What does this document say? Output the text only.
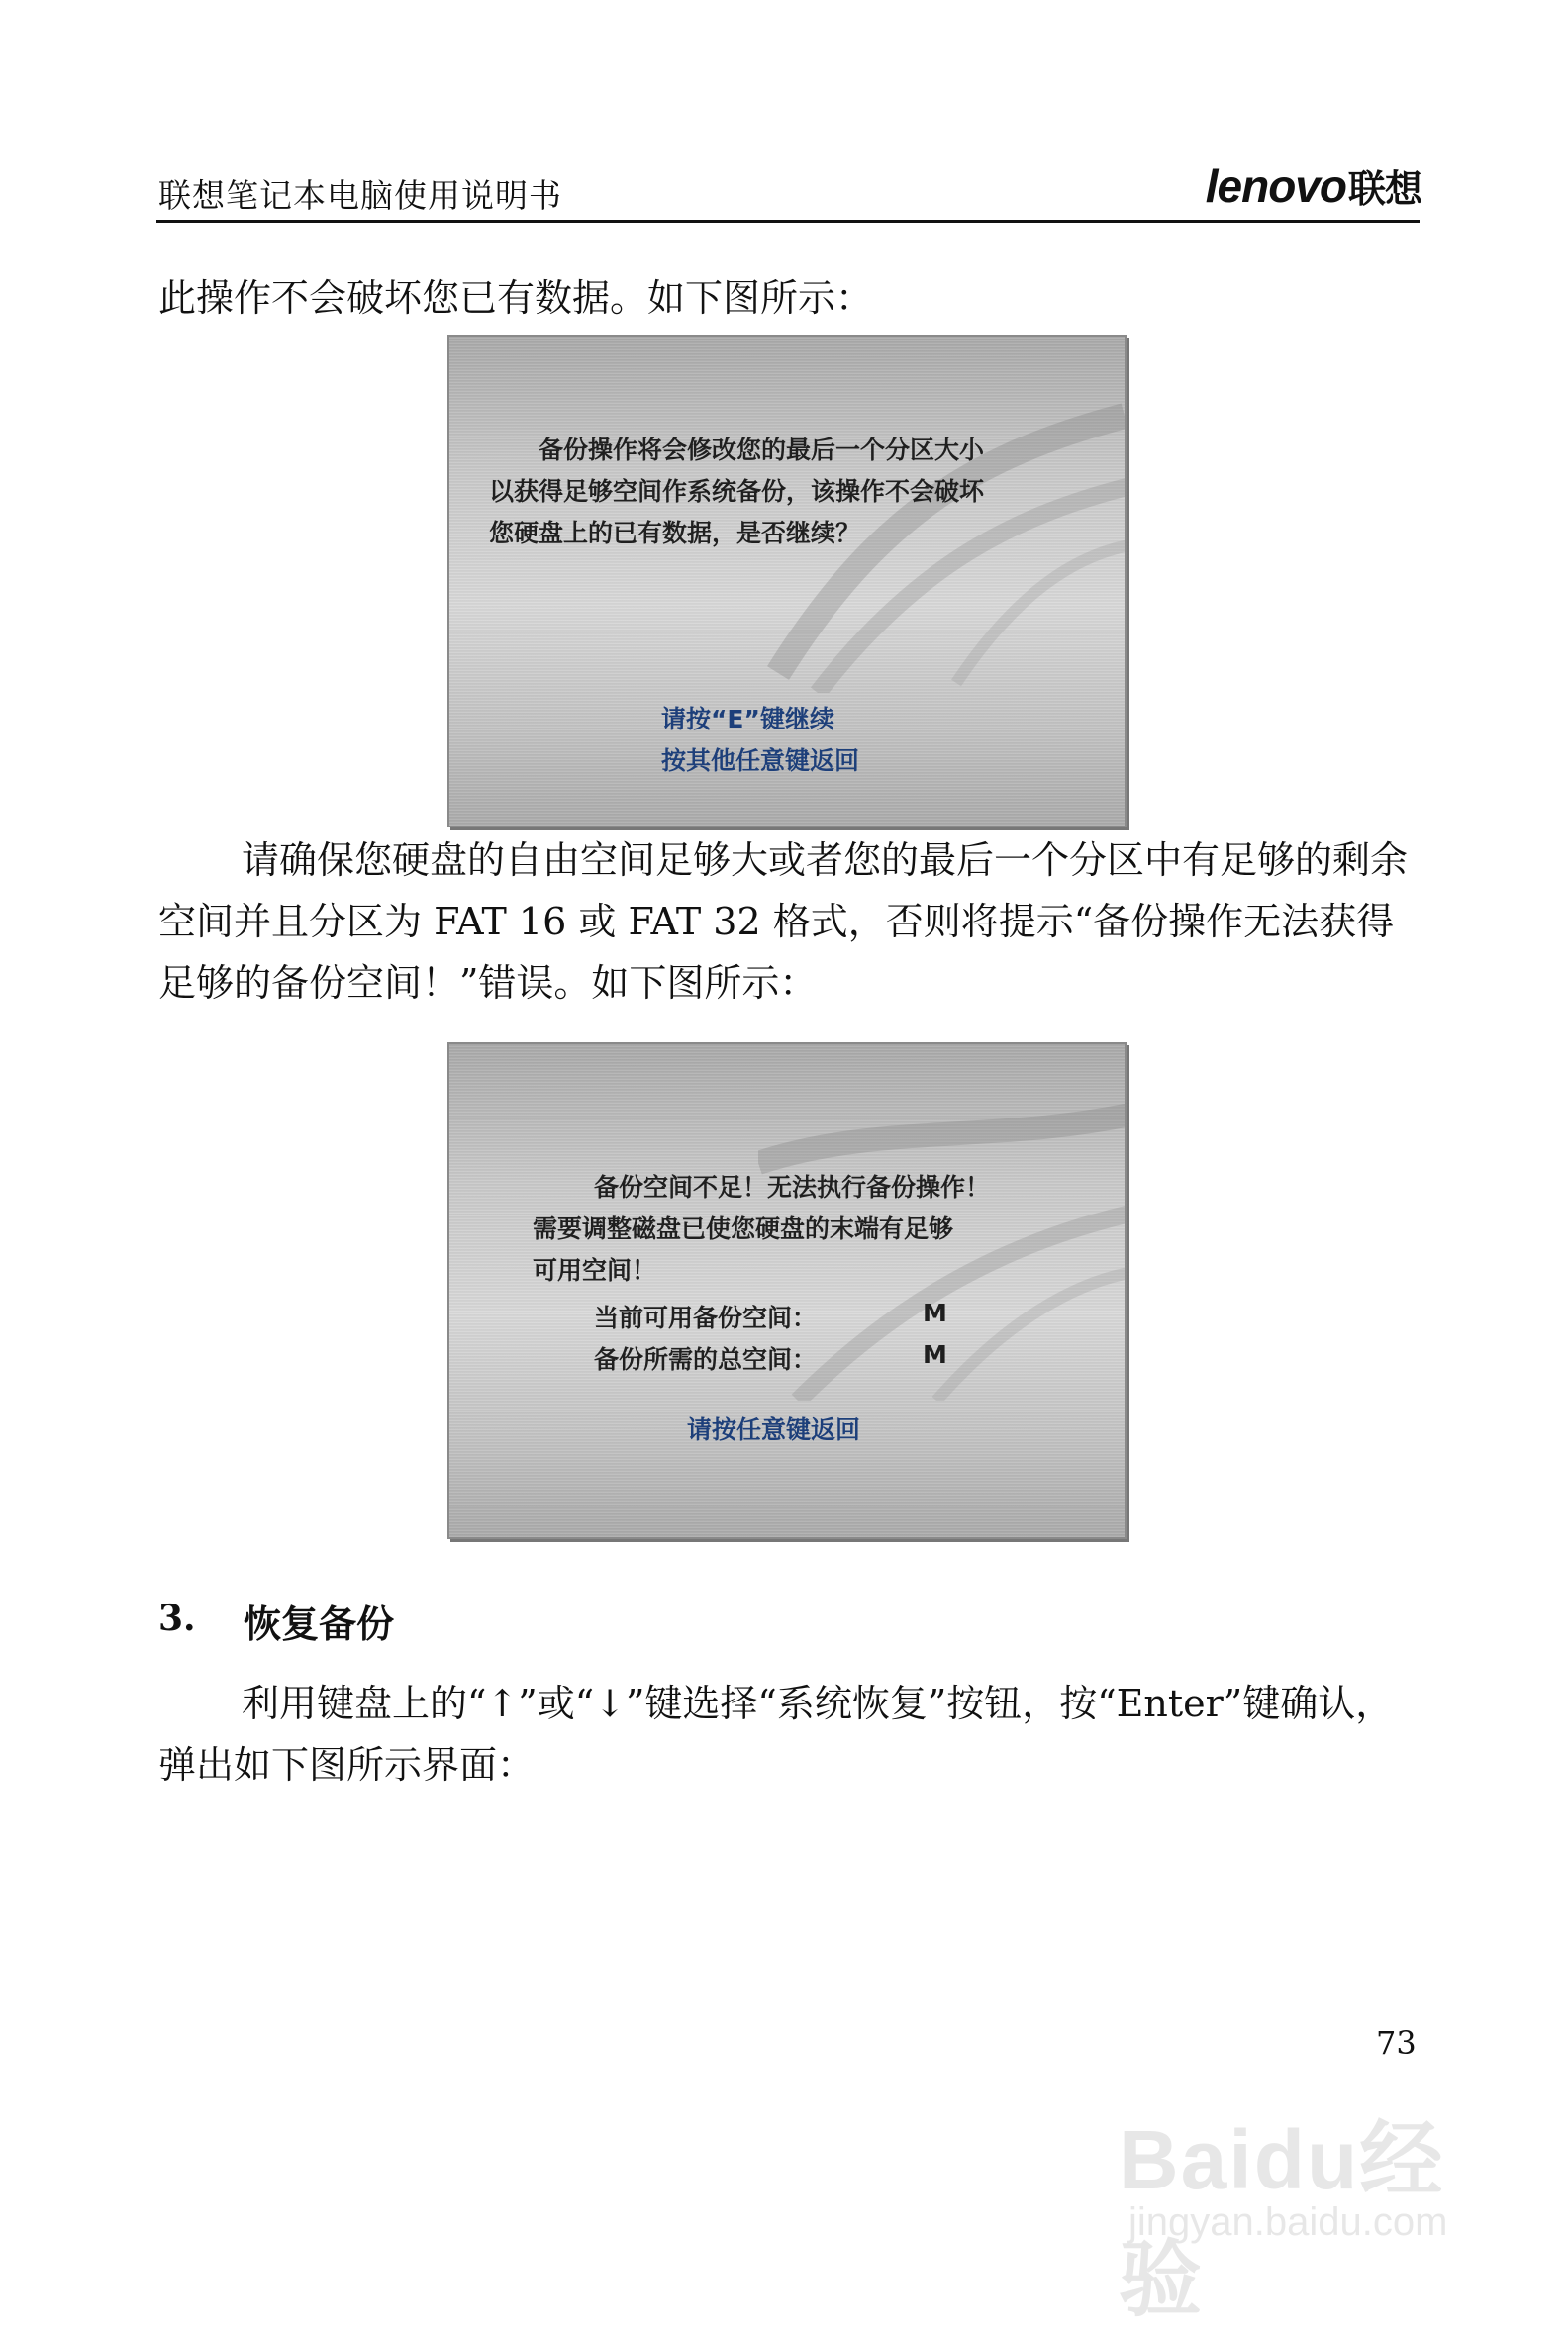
联想笔记本电脑使用说明书	lenovo联想

此操作不会破坏您已有数据。如下图所示：

备份操作将会修改您的最后一个分区大小
以获得足够空间作系统备份，该操作不会破坏
您硬盘上的已有数据，是否继续？
请按“E”键继续
按其他任意键返回

请确保您硬盘的自由空间足够大或者您的最后一个分区中有足够的剩余空间并且分区为 FAT 16 或 FAT 32 格式，否则将提示“备份操作无法获得足够的备份空间！”错误。如下图所示：

备份空间不足！无法执行备份操作！
需要调整磁盘已使您硬盘的末端有足够
可用空间！
当前可用备份空间：	M
备份所需的总空间：	M
请按任意键返回
3. 恢复备份

利用键盘上的“↑”或“↓”键选择“系统恢复”按钮，按“Enter”键确认，弹出如下图所示界面：

73
Baidu经验
jingyan.baidu.com
